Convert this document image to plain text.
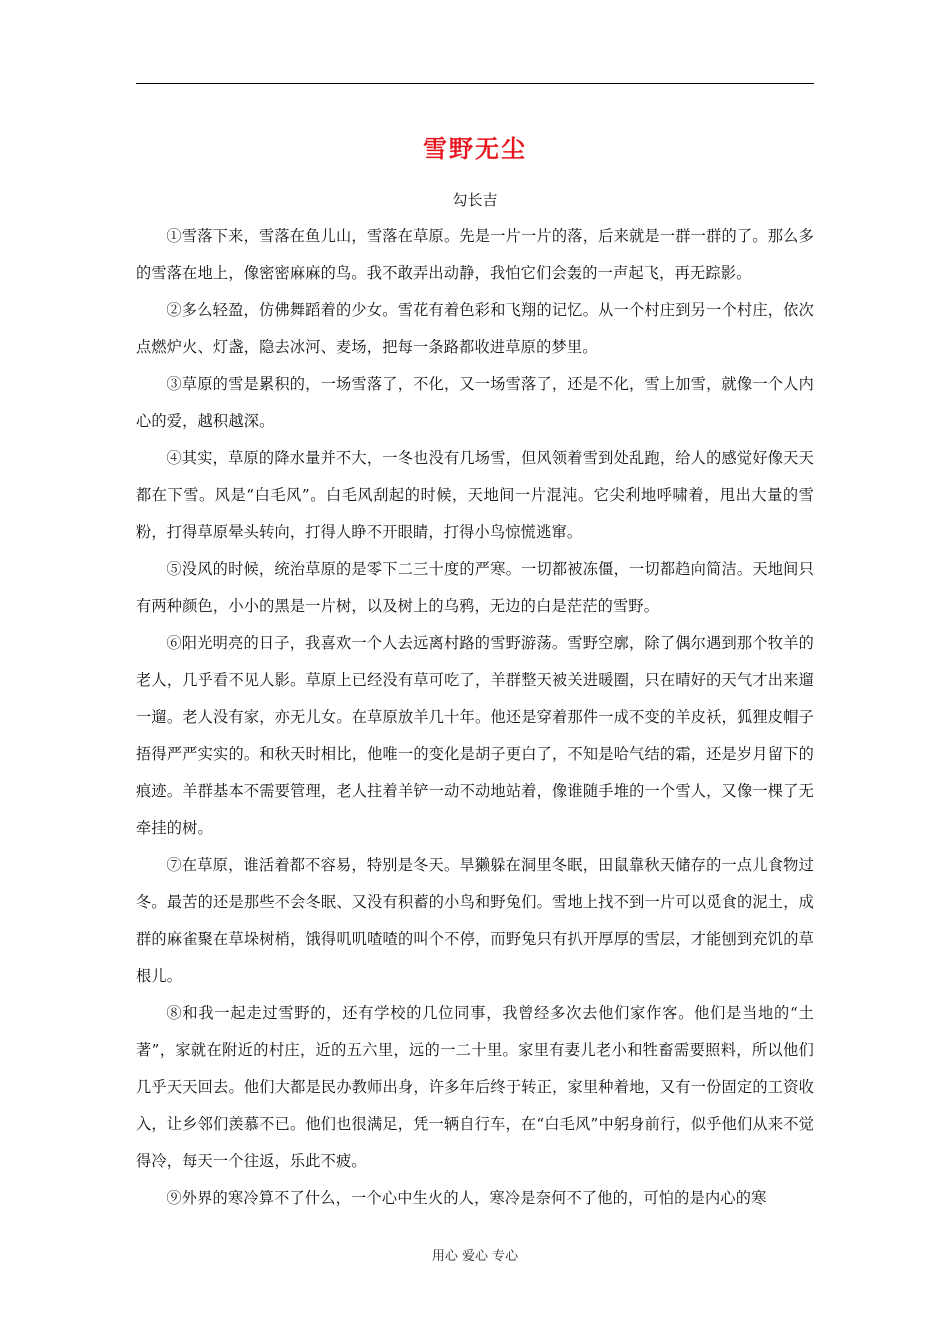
雪野无尘
勾长吉

①雪落下来，雪落在鱼儿山，雪落在草原。先是一片一片的落，后来就是一群一群的了。那么多的雪落在地上，像密密麻麻的鸟。我不敢弄出动静，我怕它们会轰的一声起飞，再无踪影。

②多么轻盈，仿佛舞蹈着的少女。雪花有着色彩和飞翔的记忆。从一个村庄到另一个村庄，依次点燃炉火、灯盏，隐去冰河、麦场，把每一条路都收进草原的梦里。

③草原的雪是累积的，一场雪落了，不化，又一场雪落了，还是不化，雪上加雪，就像一个人内心的爱，越积越深。

④其实，草原的降水量并不大，一冬也没有几场雪，但风领着雪到处乱跑，给人的感觉好像天天都在下雪。风是“白毛风”。白毛风刮起的时候，天地间一片混沌。它尖利地呼啸着，甩出大量的雪粉，打得草原晕头转向，打得人睁不开眼睛，打得小鸟惊慌逃窜。

⑤没风的时候，统治草原的是零下二三十度的严寒。一切都被冻僵，一切都趋向简洁。天地间只有两种颜色，小小的黑是一片树，以及树上的乌鸦，无边的白是茫茫的雪野。

⑥阳光明亮的日子，我喜欢一个人去远离村路的雪野游荡。雪野空廓，除了偶尔遇到那个牧羊的老人，几乎看不见人影。草原上已经没有草可吃了，羊群整天被关进暖圈，只在晴好的天气才出来遛一遛。老人没有家，亦无儿女。在草原放羊几十年。他还是穿着那件一成不变的羊皮袄，狐狸皮帽子捂得严严实实的。和秋天时相比，他唯一的变化是胡子更白了，不知是哈气结的霜，还是岁月留下的痕迹。羊群基本不需要管理，老人拄着羊铲一动不动地站着，像谁随手堆的一个雪人，又像一棵了无牵挂的树。

⑦在草原，谁活着都不容易，特别是冬天。旱獭躲在洞里冬眠，田鼠靠秋天储存的一点儿食物过冬。最苦的还是那些不会冬眠、又没有积蓄的小鸟和野兔们。雪地上找不到一片可以觅食的泥土，成群的麻雀聚在草垛树梢，饿得叽叽喳喳的叫个不停，而野兔只有扒开厚厚的雪层，才能刨到充饥的草根儿。

⑧和我一起走过雪野的，还有学校的几位同事，我曾经多次去他们家作客。他们是当地的“土著”，家就在附近的村庄，近的五六里，远的一二十里。家里有妻儿老小和牲畜需要照料，所以他们几乎天天回去。他们大都是民办教师出身，许多年后终于转正，家里种着地，又有一份固定的工资收入，让乡邻们羡慕不已。他们也很满足，凭一辆自行车，在“白毛风”中躬身前行，似乎他们从来不觉得冷，每天一个往返，乐此不疲。

⑨外界的寒冷算不了什么，一个心中生火的人，寒冷是奈何不了他的，可怕的是内心的寒

用心 爱心 专心
